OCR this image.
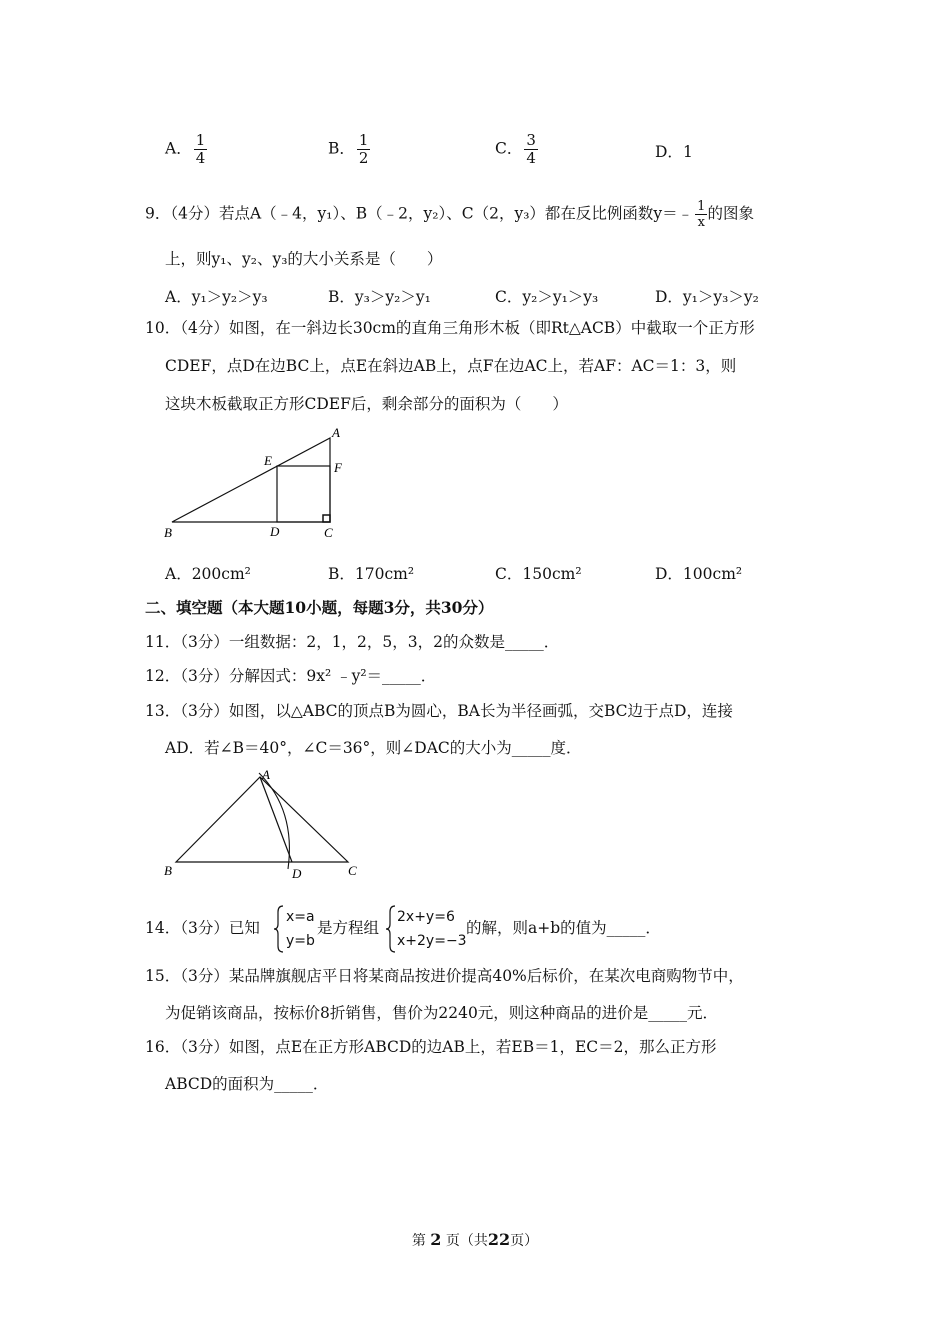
A． $\frac{1}{4}$	B． $\frac{1}{2}$	C． $\frac{3}{4}$	D．1
9．（4分）若点A（﹣4，y₁）、B（﹣2，y₂）、C（2，y₃）都在反比例函数y＝﹣ $\frac{1}{x}$ 的图象
上，则y₁、y₂、y₃的大小关系是（　　）
A．y₁＞y₂＞y₃	B．y₃＞y₂＞y₁	C．y₂＞y₁＞y₃	D．y₁＞y₃＞y₂
10．（4分）如图，在一斜边长30cm的直角三角形木板（即Rt△ACB）中截取一个正方形
CDEF，点D在边BC上，点E在斜边AB上，点F在边AC上，若AF：AC＝1：3，则
这块木板截取正方形CDEF后，剩余部分的面积为（　　）
A
B	C
D
E	F
A．200cm²	B．170cm²	C．150cm²	D．100cm²
二、填空题（本大题10小题，每题3分，共30分）
11．（3分）一组数据：2，1，2，5，3，2的众数是_____．
12．（3分）分解因式：9x² ﹣y²＝_____．
13．（3分）如图，以△ABC的顶点B为圆心，BA长为半径画弧，交BC边于点D，连接
AD．若∠B＝40°，∠C＝36°，则∠DAC的大小为_____度．
A
B	C
D
14．（3分）已知
x=a
y=b
是方程组
2x+y=6
x+2y=−3
的解，则a+b的值为_____．
15．（3分）某品牌旗舰店平日将某商品按进价提高40%后标价，在某次电商购物节中，
为促销该商品，按标价8折销售，售价为2240元，则这种商品的进价是_____元．
16．（3分）如图，点E在正方形ABCD的边AB上，若EB＝1，EC＝2，那么正方形
ABCD的面积为_____．
第 2 页（共22页）
